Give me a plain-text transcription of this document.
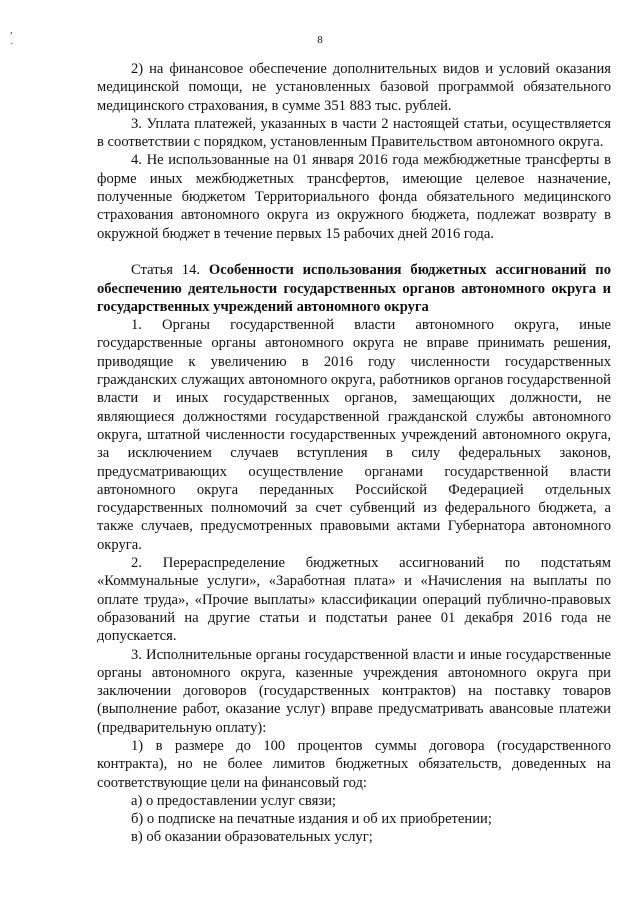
,
·	8

2) на финансовое обеспечение дополнительных видов и условий оказания медицинской помощи, не установленных базовой программой обязательного медицинского страхования, в сумме 351 883 тыс. рублей.

3. Уплата платежей, указанных в части 2 настоящей статьи, осуществляется в соответствии с порядком, установленным Правительством автономного округа.

4. Не использованные на 01 января 2016 года межбюджетные трансферты в форме иных межбюджетных трансфертов, имеющие целевое назначение, полученные бюджетом Территориального фонда обязательного медицинского страхования автономного округа из окружного бюджета, подлежат возврату в окружной бюджет в течение первых 15 рабочих дней 2016 года.

Статья 14. Особенности использования бюджетных ассигнований по обеспечению деятельности государственных органов автономного округа и государственных учреждений автономного округа

1. Органы государственной власти автономного округа, иные государственные органы автономного округа не вправе принимать решения, приводящие к увеличению в 2016 году численности государственных гражданских служащих автономного округа, работников органов государственной власти и иных государственных органов, замещающих должности, не являющиеся должностями государственной гражданской службы автономного округа, штатной численности государственных учреждений автономного округа, за исключением случаев вступления в силу федеральных законов, предусматривающих осуществление органами государственной власти автономного округа переданных Российской Федерацией отдельных государственных полномочий за счет субвенций из федерального бюджета, а также случаев, предусмотренных правовыми актами Губернатора автономного округа.

2. Перераспределение бюджетных ассигнований по подстатьям «Коммунальные услуги», «Заработная плата» и «Начисления на выплаты по оплате труда», «Прочие выплаты» классификации операций публично-правовых образований на другие статьи и подстатьи ранее 01 декабря 2016 года не допускается.

3. Исполнительные органы государственной власти и иные государственные органы автономного округа, казенные учреждения автономного округа при заключении договоров (государственных контрактов) на поставку товаров (выполнение работ, оказание услуг) вправе предусматривать авансовые платежи (предварительную оплату):

1) в размере до 100 процентов суммы договора (государственного контракта), но не более лимитов бюджетных обязательств, доведенных на соответствующие цели на финансовый год:

а) о предоставлении услуг связи;

б) о подписке на печатные издания и об их приобретении;

в) об оказании образовательных услуг;
